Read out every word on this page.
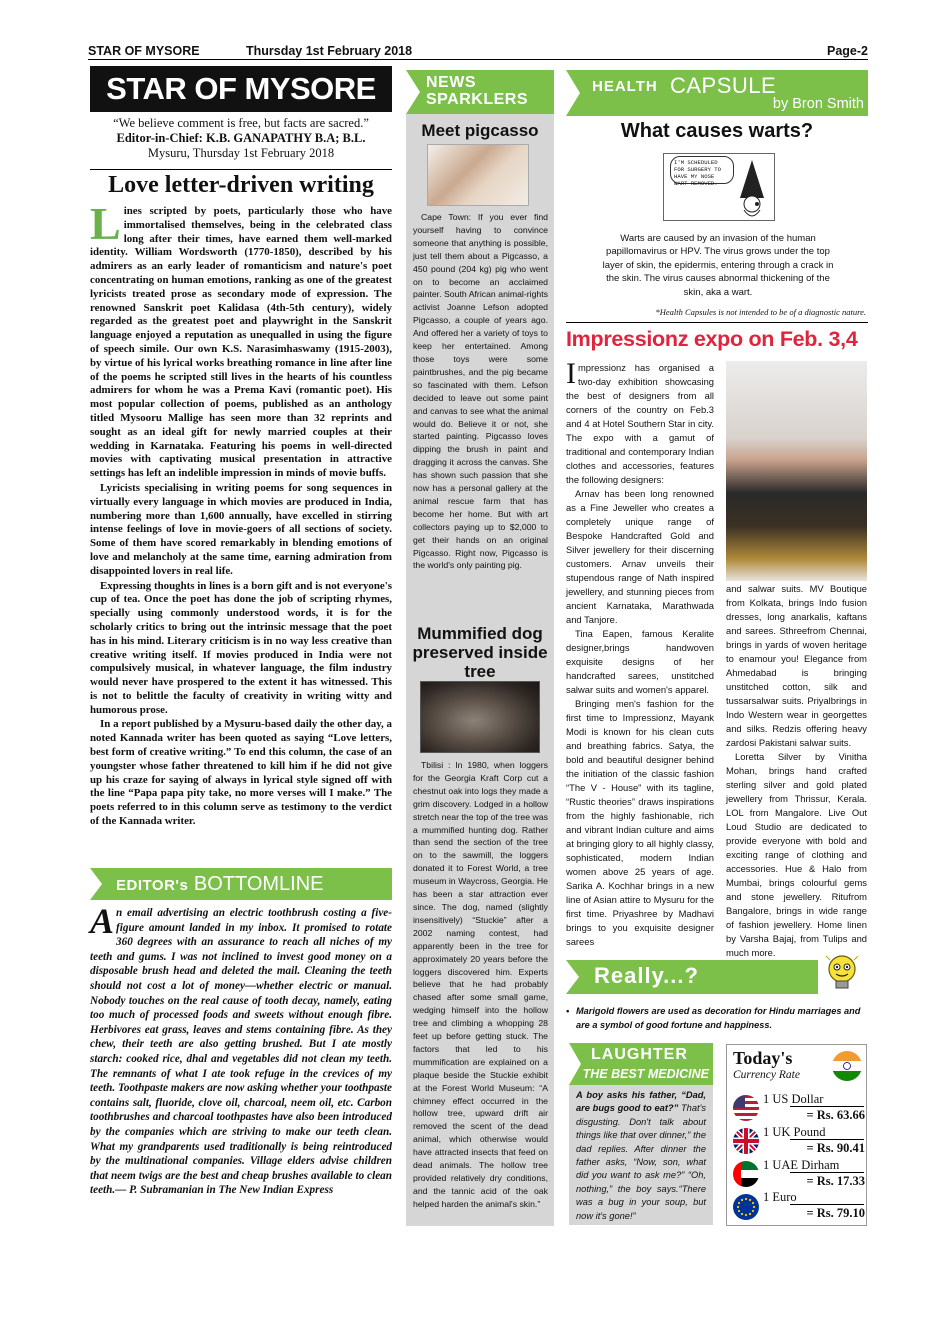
STAR OF MYSORE	Thursday 1st February 2018	Page-2
STAR OF MYSORE
“We believe comment is free, but facts are sacred.”
Editor-in-Chief: K.B. GANAPATHY B.A; B.L.
Mysuru, Thursday 1st February 2018
Love letter-driven writing

Lines scripted by poets, particularly those who have immortalised themselves, being in the celebrated class long after their times, have earned them well-marked identity. William Wordsworth (1770-1850), described by his admirers as an early leader of romanticism and nature's poet concentrating on human emotions, ranking as one of the greatest lyricists treated prose as secondary mode of expression. The renowned Sanskrit poet Kalidasa (4th-5th century), widely regarded as the greatest poet and playwright in the Sanskrit language enjoyed a reputation as unequalled in using the figure of speech simile. Our own K.S. Narasimhaswamy (1915-2003), by virtue of his lyrical works breathing romance in line after line of the poems he scripted still lives in the hearts of his countless admirers for whom he was a Prema Kavi (romantic poet). His most popular collection of poems, published as an anthology titled Mysooru Mallige has seen more than 32 reprints and sought as an ideal gift for newly married couples at their wedding in Karnataka. Featuring his poems in well-directed movies with captivating musical presentation in attractive settings has left an indelible impression in minds of movie buffs.

Lyricists specialising in writing poems for song sequences in virtually every language in which movies are produced in India, numbering more than 1,600 annually, have excelled in stirring intense feelings of love in movie-goers of all sections of society. Some of them have scored remarkably in blending emotions of love and melancholy at the same time, earning admiration from disappointed lovers in real life.

Expressing thoughts in lines is a born gift and is not everyone's cup of tea. Once the poet has done the job of scripting rhymes, specially using commonly understood words, it is for the scholarly critics to bring out the intrinsic message that the poet has in his mind. Literary criticism is in no way less creative than creative writing itself. If movies produced in India were not compulsively musical, in whatever language, the film industry would never have prospered to the extent it has witnessed. This is not to belittle the faculty of creativity in writing witty and humorous prose.

In a report published by a Mysuru-based daily the other day, a noted Kannada writer has been quoted as saying “Love letters, best form of creative writing.” To end this column, the case of an youngster whose father threatened to kill him if he did not give up his craze for saying of always in lyrical style signed off with the line “Papa papa pity take, no more verses will I make.” The poets referred to in this column serve as testimony to the verdict of the Kannada writer.

EDITOR's BOTTOMLINE
An email advertising an electric toothbrush costing a five-figure amount landed in my inbox. It promised to rotate 360 degrees with an assurance to reach all niches of my teeth and gums. I was not inclined to invest good money on a disposable brush head and deleted the mail. Cleaning the teeth should not cost a lot of money—whether electric or manual. Nobody touches on the real cause of tooth decay, namely, eating too much of processed foods and sweets without enough fibre. Herbivores eat grass, leaves and stems containing fibre. As they chew, their teeth are also getting brushed. But I ate mostly starch: cooked rice, dhal and vegetables did not clean my teeth. The remnants of what I ate took refuge in the crevices of my teeth. Toothpaste makers are now asking whether your toothpaste contains salt, fluoride, clove oil, charcoal, neem oil, etc. Carbon toothbrushes and charcoal toothpastes have also been introduced by the companies which are striving to make our teeth clean. What my grandparents used traditionally is being reintroduced by the multinational companies. Village elders advise children that neem twigs are the best and cheap brushes available to clean teeth.— P. Subramanian in The New Indian Express
NEWS
SPARKLERS
Meet pigcasso

Cape Town: If you ever find yourself having to convince someone that anything is possible, just tell them about a Pigcasso, a 450 pound (204 kg) pig who went on to become an acclaimed painter. South African animal-rights activist Joanne Lefson adopted Pigcasso, a couple of years ago. And offered her a variety of toys to keep her entertained. Among those toys were some paintbrushes, and the pig became so fascinated with them. Lefson decided to leave out some paint and canvas to see what the animal would do. Believe it or not, she started painting. Pigcasso loves dipping the brush in paint and dragging it across the canvas. She has shown such passion that she now has a personal gallery at the animal rescue farm that has become her home. But with art collectors paying up to $2,000 to get their hands on an original Pigcasso. Right now, Pigcasso is the world's only painting pig.

Mummified dog preserved inside tree

Tbilisi : In 1980, when loggers for the Georgia Kraft Corp cut a chestnut oak into logs they made a grim discovery. Lodged in a hollow stretch near the top of the tree was a mummified hunting dog. Rather than send the section of the tree on to the sawmill, the loggers donated it to Forest World, a tree museum in Waycross, Georgia. He has been a star attraction ever since. The dog, named (slightly insensitively) “Stuckie” after a 2002 naming contest, had apparently been in the tree for approximately 20 years before the loggers discovered him. Experts believe that he had probably chased after some small game, wedging himself into the hollow tree and climbing a whopping 28 feet up before getting stuck. The factors that led to his mummification are explained on a plaque beside the Stuckie exhibit at the Forest World Museum: “A chimney effect occurred in the hollow tree, upward drift air removed the scent of the dead animal, which otherwise would have attracted insects that feed on dead animals. The hollow tree provided relatively dry conditions, and the tannic acid of the oak helped harden the animal's skin.”

HEALTH CAPSULE
by Bron Smith
What causes warts?
I'M SCHEDULED FOR SURGERY TO HAVE MY NOSE WART REMOVED.
Warts are caused by an invasion of the human papillomavirus or HPV. The virus grows under the top layer of skin, the epidermis, entering through a crack in the skin. The virus causes abnormal thickening of the skin, aka a wart.
*Health Capsules is not intended to be of a diagnostic nature.
Impressionz expo on Feb. 3,4

Impressionz has organised a two-day exhibition showcasing the best of designers from all corners of the country on Feb.3 and 4 at Hotel Southern Star in city. The expo with a gamut of traditional and contemporary Indian clothes and accessories, features the following designers:

Arnav has been long renowned as a Fine Jeweller who creates a completely unique range of Bespoke Handcrafted Gold and Silver jewellery for their discerning customers. Arnav unveils their stupendous range of Nath inspired jewellery, and stunning pieces from ancient Karnataka, Marathwada and Tanjore.

Tina Eapen, famous Keralite designer,brings handwoven exquisite designs of her handcrafted sarees, unstitched salwar suits and women's apparel.

Bringing men's fashion for the first time to Impressionz, Mayank Modi is known for his clean cuts and breathing fabrics. Satya, the bold and beautiful designer behind the initiation of the classic fashion “The V - House” with its tagline, “Rustic theories” draws inspirations from the highly fashionable, rich and vibrant Indian culture and aims at bringing glory to all highly classy, sophisticated, modern Indian women above 25 years of age. Sarika A. Kochhar brings in a new line of Asian attire to Mysuru for the first time. Priyashree by Madhavi brings to you exquisite designer sarees

and salwar suits. MV Boutique from Kolkata, brings Indo fusion dresses, long anarkalis, kaftans and sarees. Sthreefrom Chennai, brings in yards of woven heritage to enamour you! Elegance from Ahmedabad is bringing unstitched cotton, silk and tussarsalwar suits. Priyalbrings in Indo Western wear in georgettes and silks. Redzis offering heavy zardosi Pakistani salwar suits.

Loretta Silver by Vinitha Mohan, brings hand crafted sterling silver and gold plated jewellery from Thrissur, Kerala. LOL from Mangalore. Live Out Loud Studio are dedicated to provide everyone with bold and exciting range of clothing and accessories. Hue & Halo from Mumbai, brings colourful gems and stone jewellery. Ritufrom Bangalore, brings in wide range of fashion jewellery. Home linen by Varsha Bajaj, from Tulips and much more.

Really...?
• Marigold flowers are used as decoration for Hindu marriages and are a symbol of good fortune and happiness.
LAUGHTER
THE BEST MEDICINE
A boy asks his father, “Dad, are bugs good to eat?” That's disgusting. Don't talk about things like that over dinner,” the dad replies. After dinner the father asks, “Now, son, what did you want to ask me?” “Oh, nothing,” the boy says.“There was a bug in your soup, but now it's gone!”
Today's
Currency Rate
1 US Dollar
= Rs. 63.66
1 UK Pound
= Rs. 90.41
1 UAE Dirham
= Rs. 17.33
1 Euro
= Rs. 79.10
